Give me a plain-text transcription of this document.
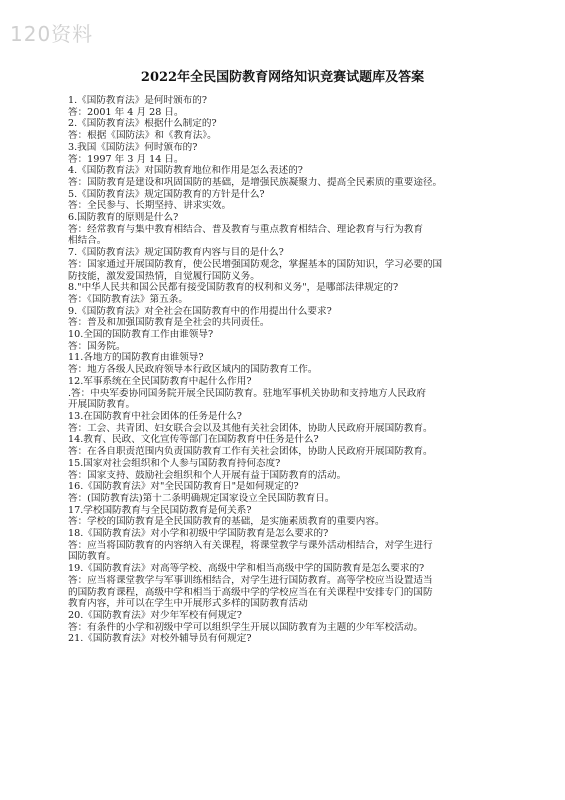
120资料
2022年全民国防教育网络知识竞赛试题库及答案
1.《国防教育法》是何时颁布的?
答：2001 年 4 月 28 日。
2.《国防教育法》根据什么制定的?
答：根据《国防法》和《教育法》。
3.我国《国防法》何时颁布的?
答：1997 年 3 月 14 日。
4.《国防教育法》对国防教育地位和作用是怎么表述的?
答：国防教育是建设和巩固国防的基础，是增强民族凝聚力、提高全民素质的重要途径。
5.《国防教育法》规定国防教育的方针是什么?
答：全民参与、长期坚持、讲求实效。
6.国防教育的原则是什么?
答：经常教育与集中教育相结合、普及教育与重点教育相结合、理论教育与行为教育
相结合。
7.《国防教育法》规定国防教育内容与目的是什么?
答：国家通过开展国防教育，使公民增强国防观念，掌握基本的国防知识，学习必要的国
防技能，激发爱国热情，自觉履行国防义务。
8."中华人民共和国公民都有接受国防教育的权利和义务"，是哪部法律规定的?
答：《国防教育法》第五条。
9.《国防教育法》对全社会在国防教育中的作用提出什么要求?
答：普及和加强国防教育是全社会的共同责任。
10.全国的国防教育工作由谁领导?
答：国务院。
11.各地方的国防教育由谁领导?
答：地方各级人民政府领导本行政区域内的国防教育工作。
12.军事系统在全民国防教育中起什么作用?
.答：中央军委协同国务院开展全民国防教育。驻地军事机关协助和支持地方人民政府
开展国防教育。
13.在国防教育中社会团体的任务是什么?
答：工会、共青团、妇女联合会以及其他有关社会团体，协助人民政府开展国防教育。
14.教育、民政、文化宣传等部门在国防教育中任务是什么?
答：在各自职责范围内负责国防教育工作有关社会团体，协助人民政府开展国防教育。
15.国家对社会组织和个人参与国防教育持何态度?
答：国家支持、鼓励社会组织和个人开展有益于国防教育的活动。
16.《国防教育法》对"全民国防教育日"是如何规定的?
答：(国防教育法)第十二条明确规定国家设立全民国防教育日。
17.学校国防教育与全民国防教育是何关系?
答：学校的国防教育是全民国防教育的基础，是实施素质教育的重要内容。
18.《国防教育法》对小学和初级中学国防教育是怎么要求的?
答：应当将国防教育的内容纳入有关课程，将课堂教学与课外活动相结合，对学生进行
国防教育。
19.《国防教育法》对高等学校、高级中学和相当高级中学的国防教育是怎么要求的?
答：应当将课堂教学与军事训练相结合，对学生进行国防教育。高等学校应当设置适当
的国防教育课程，高级中学和相当于高级中学的学校应当在有关课程中安排专门的国防
教育内容，并可以在学生中开展形式多样的国防教育活动
20.《国防教育法》对少年军校有何规定?
答：有条件的小学和初级中学可以组织学生开展以国防教育为主题的少年军校活动。
21.《国防教育法》对校外辅导员有何规定?
